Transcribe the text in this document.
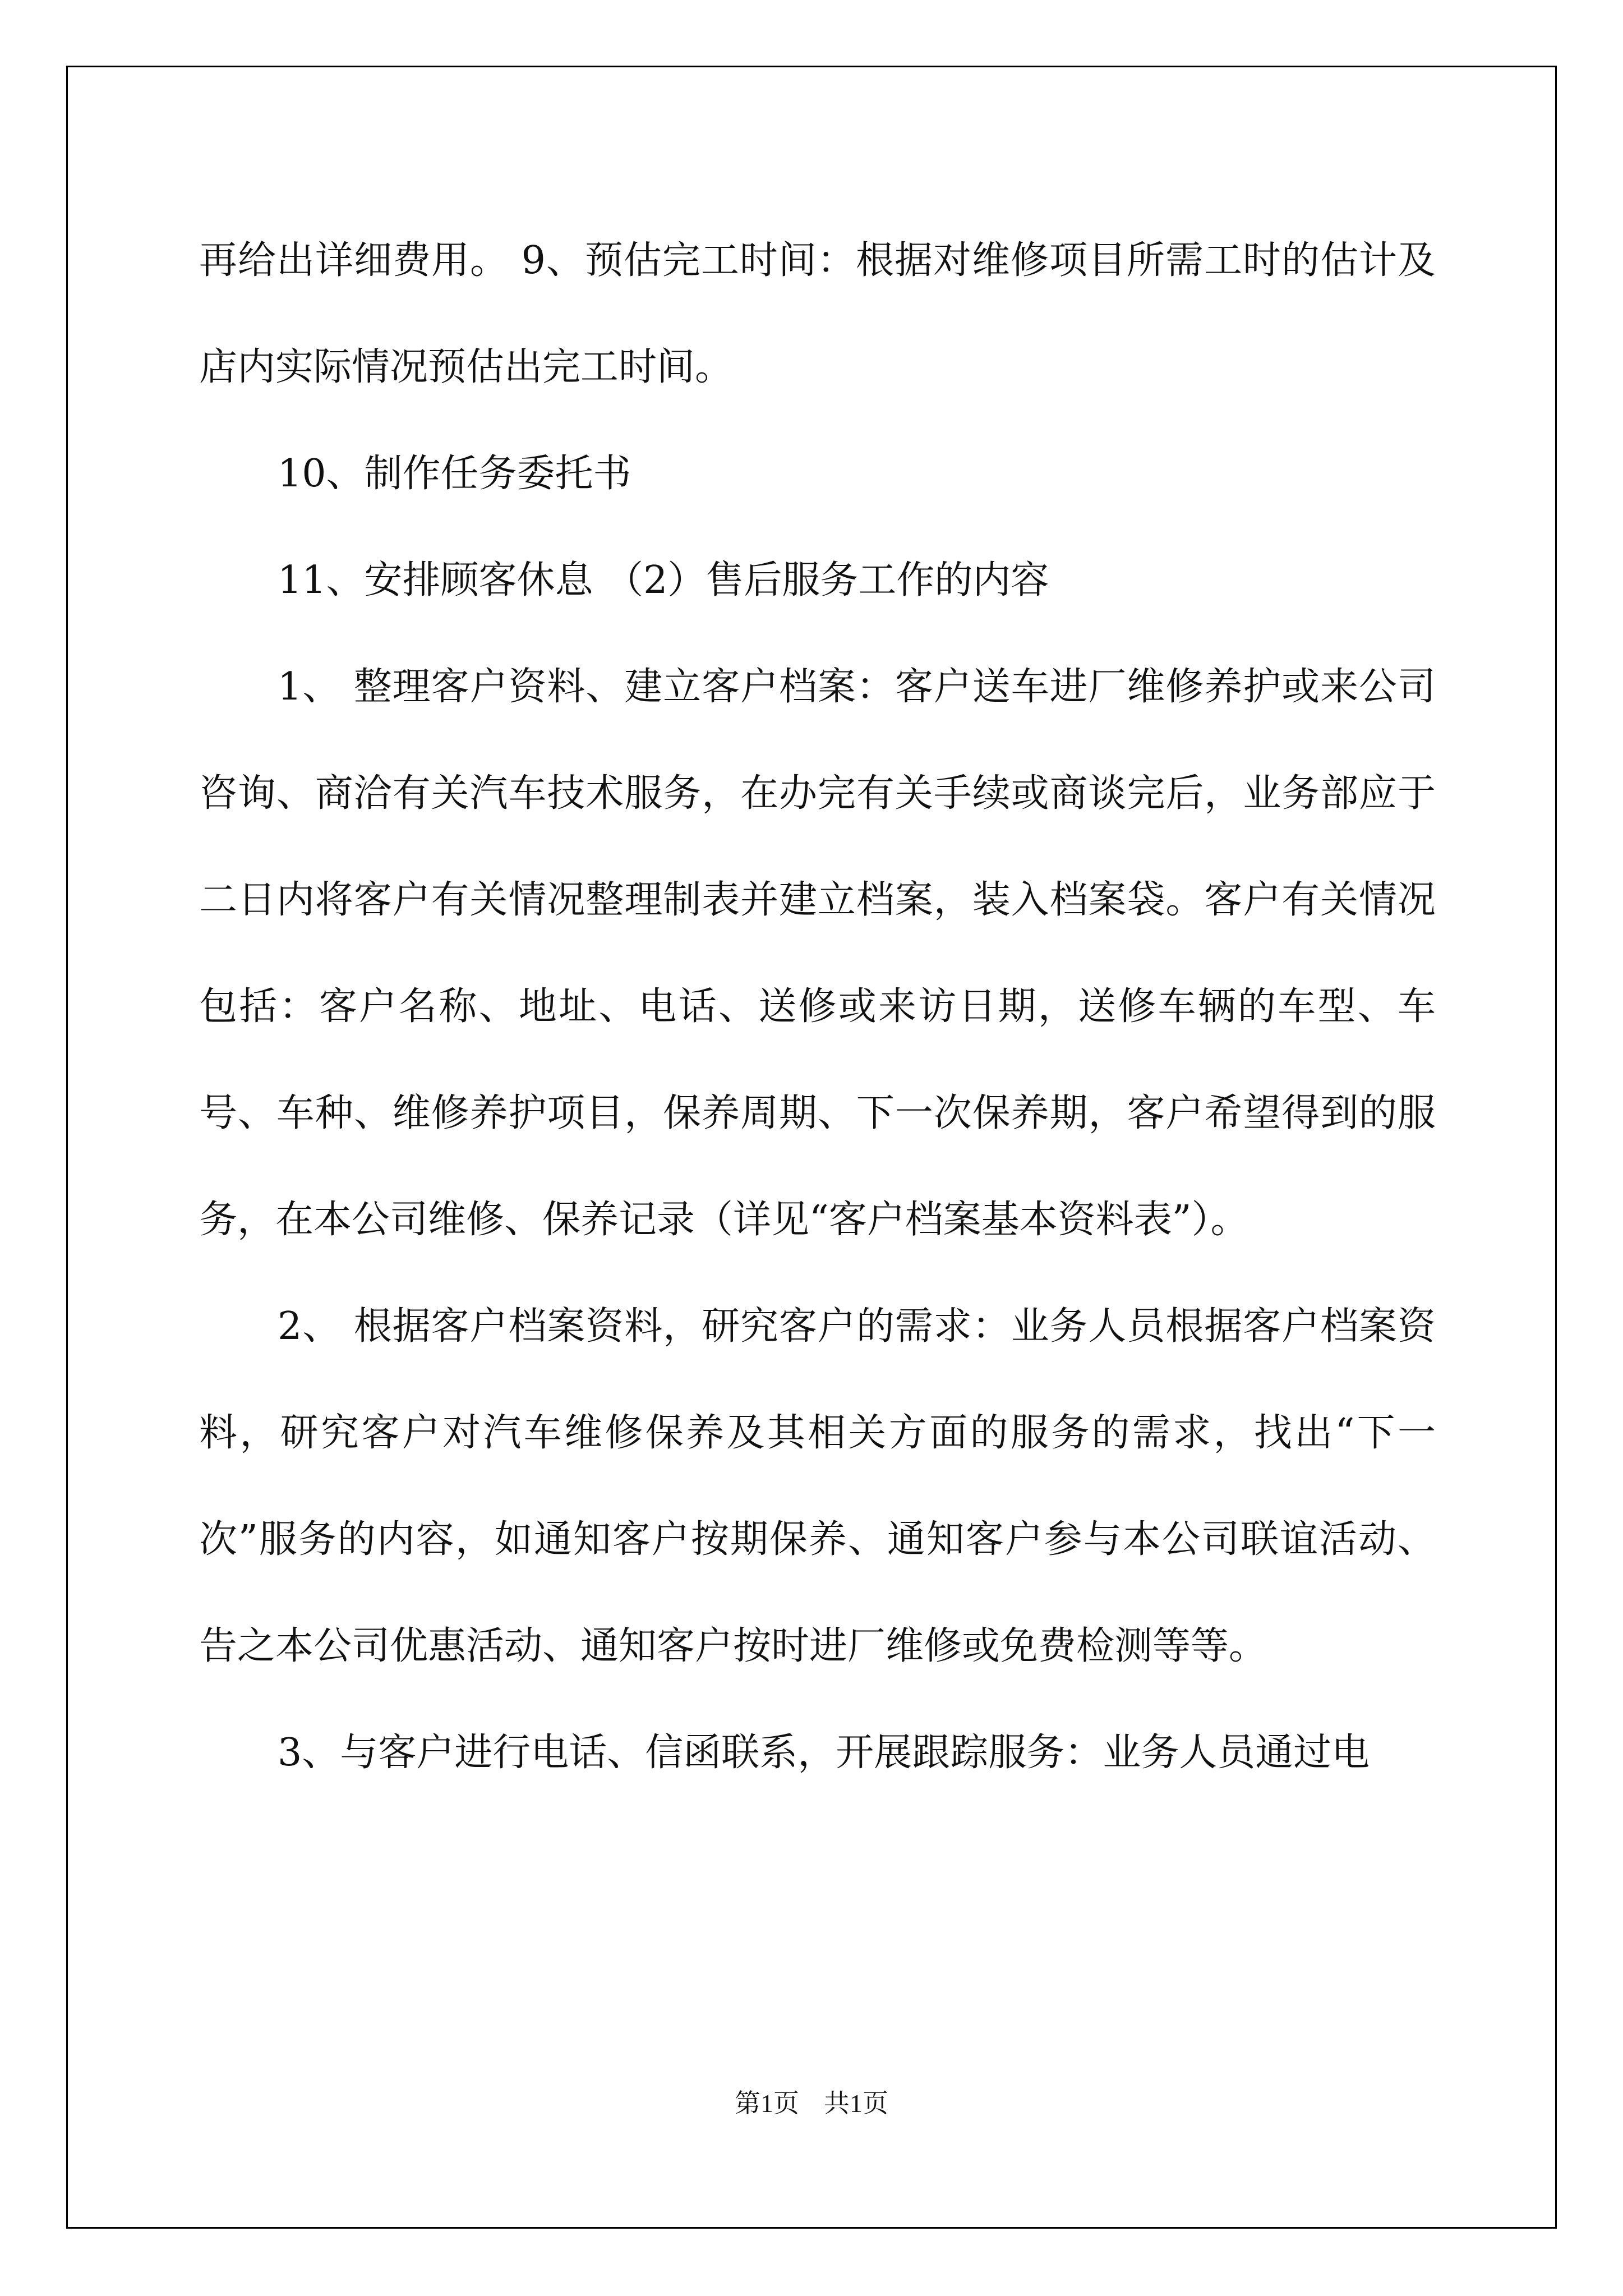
再给出详细费用。 9、预估完工时间：根据对维修项目所需工时的估计及店内实际情况预估出完工时间。

10、制作任务委托书

11、安排顾客休息 （2）售后服务工作的内容

1、 整理客户资料、建立客户档案：客户送车进厂维修养护或来公司咨询、商洽有关汽车技术服务，在办完有关手续或商谈完后，业务部应于二日内将客户有关情况整理制表并建立档案，装入档案袋。客户有关情况包括：客户名称、地址、电话、送修或来访日期，送修车辆的车型、车号、车种、维修养护项目，保养周期、下一次保养期，客户希望得到的服务，在本公司维修、保养记录（详见“客户档案基本资料表”）。

2、 根据客户档案资料，研究客户的需求：业务人员根据客户档案资料，研究客户对汽车维修保养及其相关方面的服务的需求，找出“下一次”服务的内容，如通知客户按期保养、通知客户参与本公司联谊活动、告之本公司优惠活动、通知客户按时进厂维修或免费检测等等。

3、与客户进行电话、信函联系，开展跟踪服务：业务人员通过电

第1页 共1页
